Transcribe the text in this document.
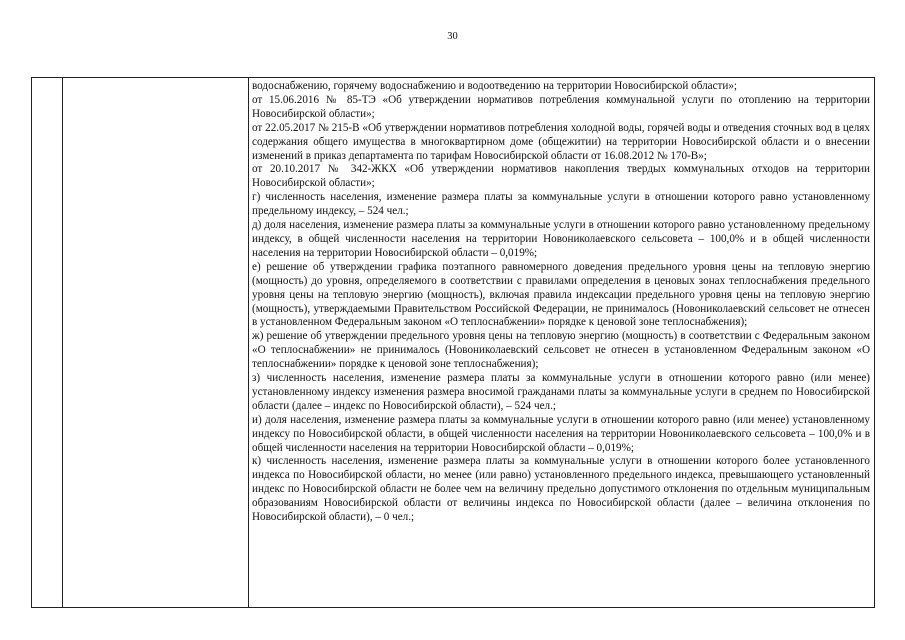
30

водоснабжению, горячему водоснабжению и водоотведению на территории Новосибирской области»;

от 15.06.2016 № 85-ТЭ «Об утверждении нормативов потребления коммунальной услуги по отоплению на территории Новосибирской области»;

от 22.05.2017 № 215-В «Об утверждении нормативов потребления холодной воды, горячей воды и отведения сточных вод в целях содержания общего имущества в многоквартирном доме (общежитии) на территории Новосибирской области и о внесении изменений в приказ департамента по тарифам Новосибирской области от 16.08.2012 № 170-В»;

от 20.10.2017 № 342-ЖКХ «Об утверждении нормативов накопления твердых коммунальных отходов на территории Новосибирской области»;

г) численность населения, изменение размера платы за коммунальные услуги в отношении которого равно установленному предельному индексу, – 524 чел.;

д) доля населения, изменение размера платы за коммунальные услуги в отношении которого равно установленному предельному индексу, в общей численности населения на территории Новониколаевского сельсовета – 100,0% и в общей численности населения на территории Новосибирской области – 0,019%;

е) решение об утверждении графика поэтапного равномерного доведения предельного уровня цены на тепловую энергию (мощность) до уровня, определяемого в соответствии с правилами определения в ценовых зонах теплоснабжения предельного уровня цены на тепловую энергию (мощность), включая правила индексации предельного уровня цены на тепловую энергию (мощность), утверждаемыми Правительством Российской Федерации, не принималось (Новониколаевский сельсовет не отнесен в установленном Федеральным законом «О теплоснабжении» порядке к ценовой зоне теплоснабжения);

ж) решение об утверждении предельного уровня цены на тепловую энергию (мощность) в соответствии с Федеральным законом «О теплоснабжении» не принималось (Новониколаевский сельсовет не отнесен в установленном Федеральным законом «О теплоснабжении» порядке к ценовой зоне теплоснабжения);

з) численность населения, изменение размера платы за коммунальные услуги в отношении которого равно (или менее) установленному индексу изменения размера вносимой гражданами платы за коммунальные услуги в среднем по Новосибирской области (далее – индекс по Новосибирской области), – 524 чел.;

и) доля населения, изменение размера платы за коммунальные услуги в отношении которого равно (или менее) установленному индексу по Новосибирской области, в общей численности населения на территории Новониколаевского сельсовета – 100,0% и в общей численности населения на территории Новосибирской области – 0,019%;

к) численность населения, изменение размера платы за коммунальные услуги в отношении которого более установленного индекса по Новосибирской области, но менее (или равно) установленного предельного индекса, превышающего установленный индекс по Новосибирской области не более чем на величину предельно допустимого отклонения по отдельным муниципальным образованиям Новосибирской области от величины индекса по Новосибирской области (далее – величина отклонения по Новосибирской области), – 0 чел.;
